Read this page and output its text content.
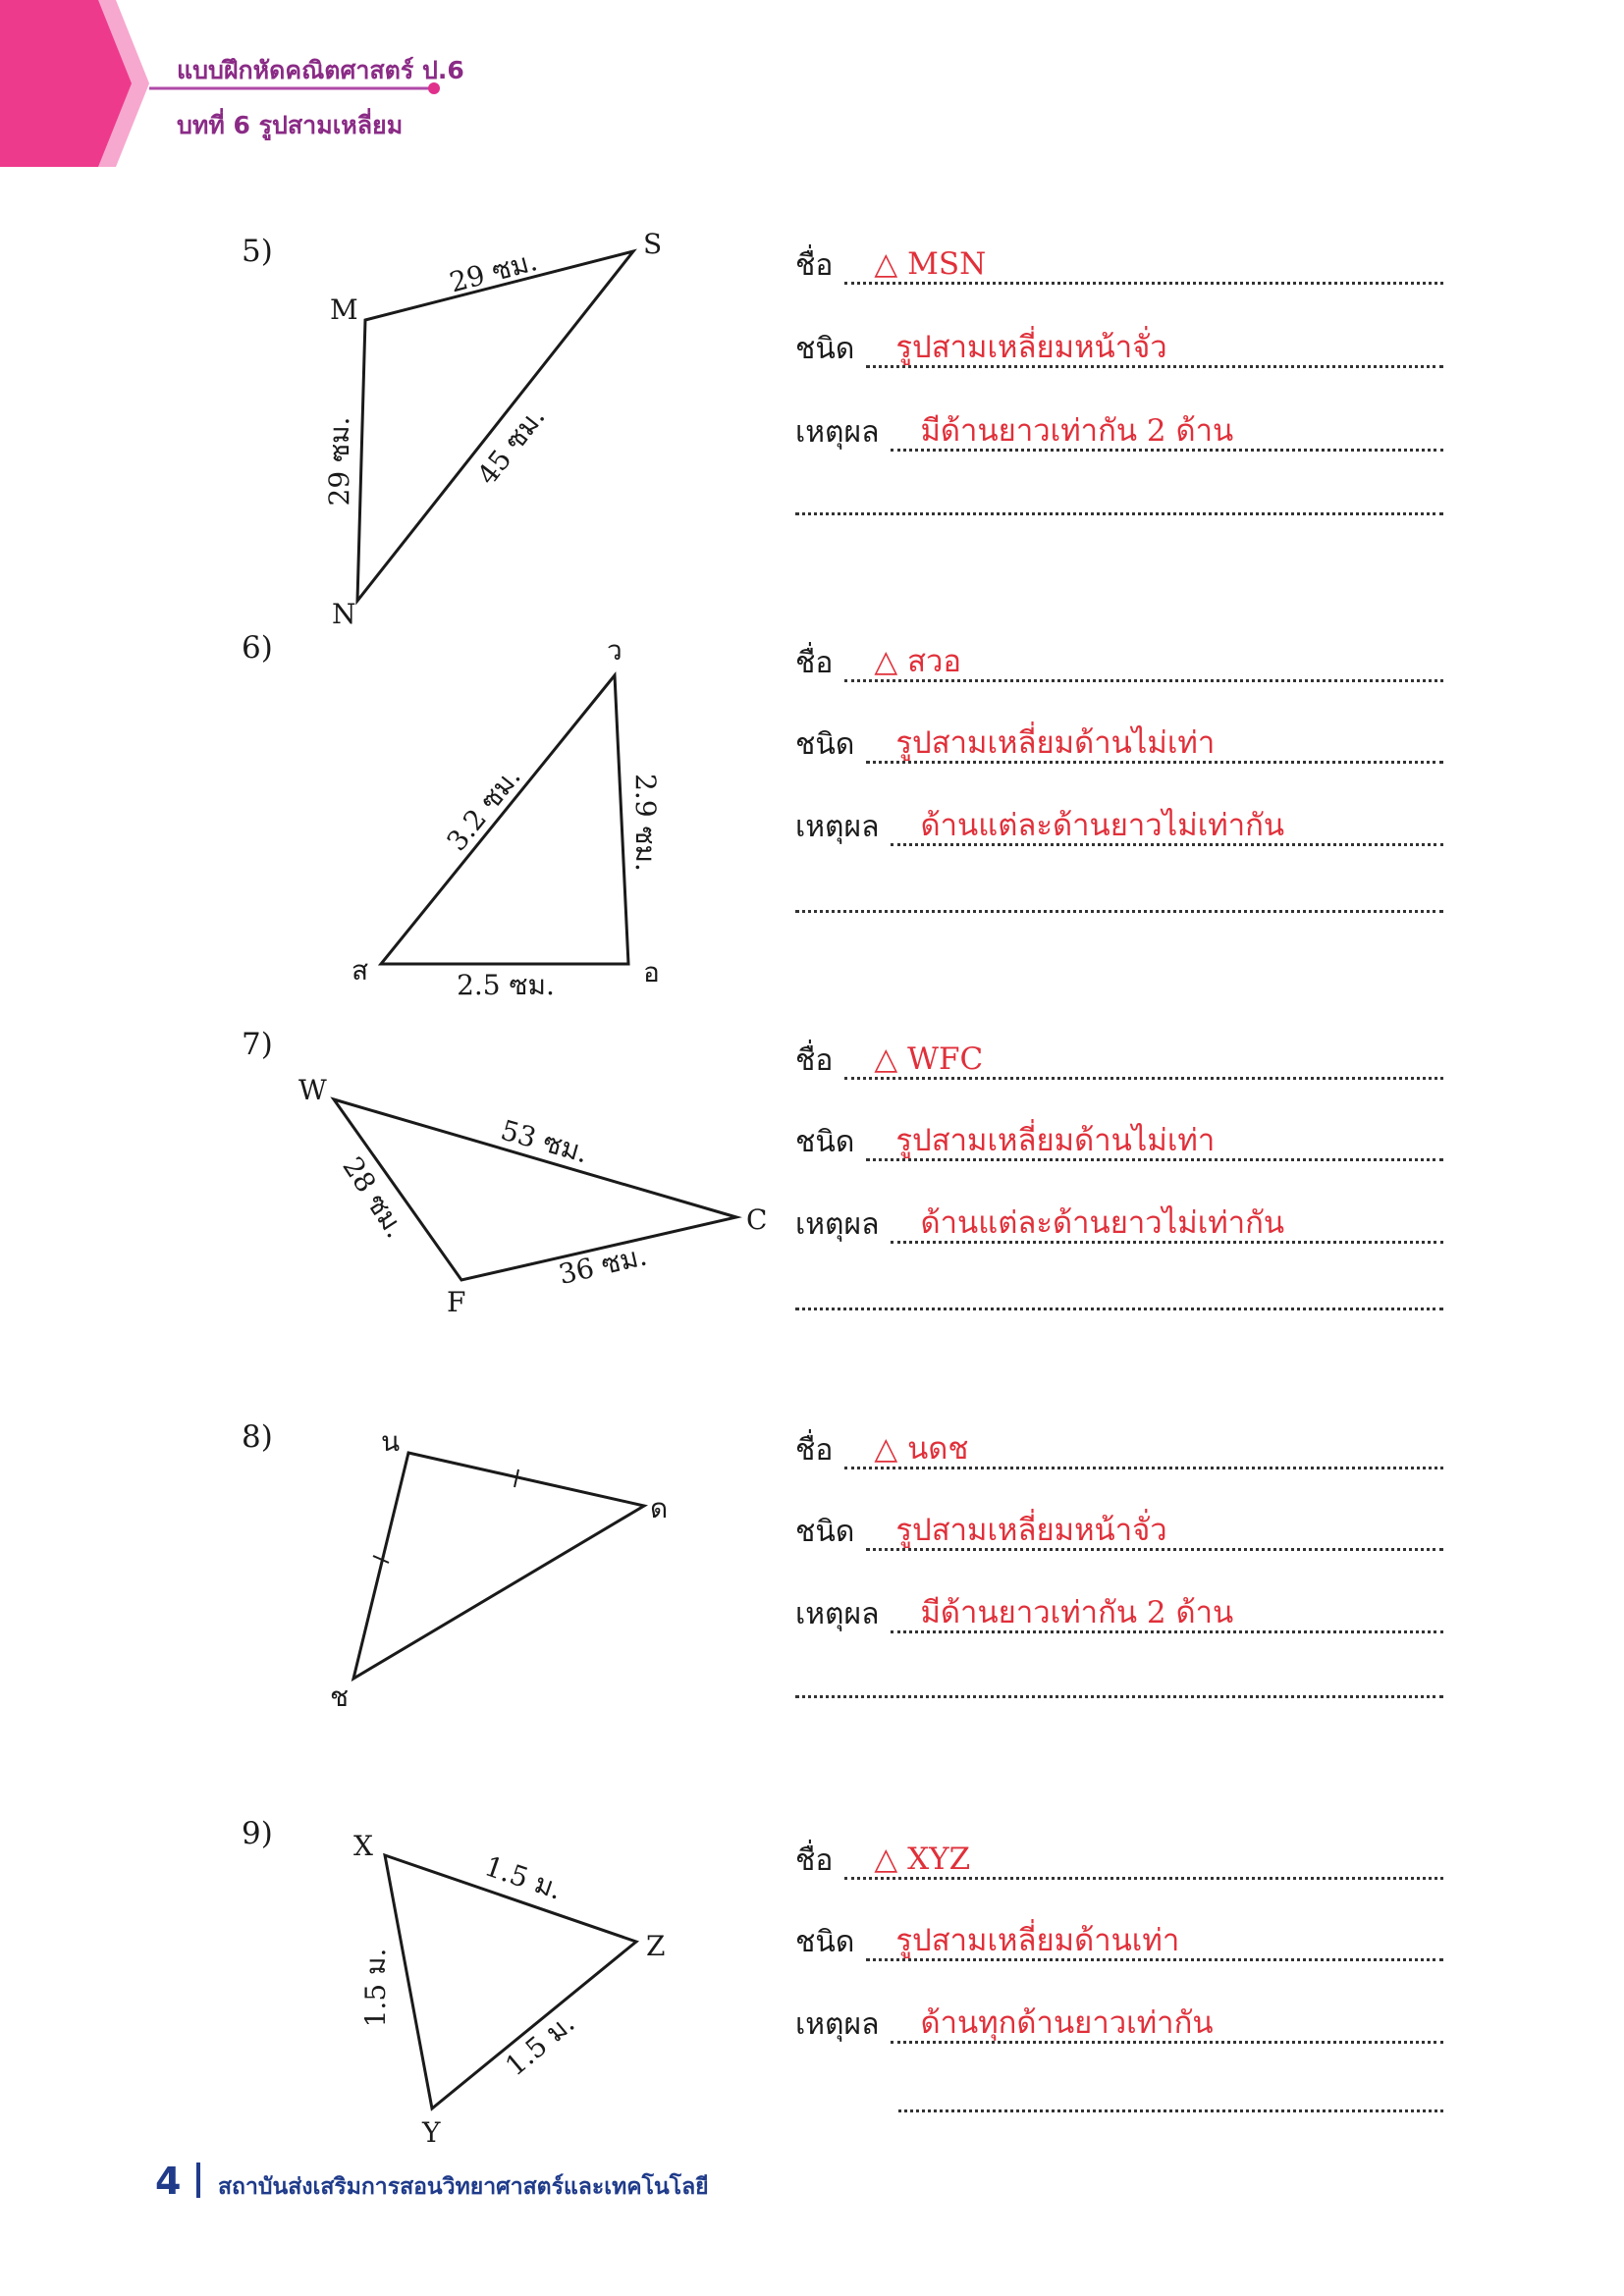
แบบฝึกหัดคณิตศาสตร์ ป.6
บทที่ 6 รูปสามเหลี่ยม
5)
M
S
N
29 ซม.
29 ซม.	45 ซม.
ชื่อ △ MSN
ชนิด รูปสามเหลี่ยมหน้าจั่ว
เหตุผล มีด้านยาวเท่ากัน 2 ด้าน
6)	ว
ส	อ
3.2 ซม.	2.9 ซม.
2.5 ซม.
ชื่อ △ สวอ
ชนิด รูปสามเหลี่ยมด้านไม่เท่า
เหตุผล ด้านแต่ละด้านยาวไม่เท่ากัน
7)
W
C
F
53 ซม.
28 ซม.
36 ซม.
ชื่อ △ WFC
ชนิด รูปสามเหลี่ยมด้านไม่เท่า
เหตุผล ด้านแต่ละด้านยาวไม่เท่ากัน
8)	น
ด
ช
ชื่อ △ นดช
ชนิด รูปสามเหลี่ยมหน้าจั่ว
เหตุผล มีด้านยาวเท่ากัน 2 ด้าน
9)	X
Z
Y
1.5 ม.
1.5 ม.
1.5 ม.
ชื่อ △ XYZ
ชนิด รูปสามเหลี่ยมด้านเท่า
เหตุผล ด้านทุกด้านยาวเท่ากัน
4 สถาบันส่งเสริมการสอนวิทยาศาสตร์และเทคโนโลยี
